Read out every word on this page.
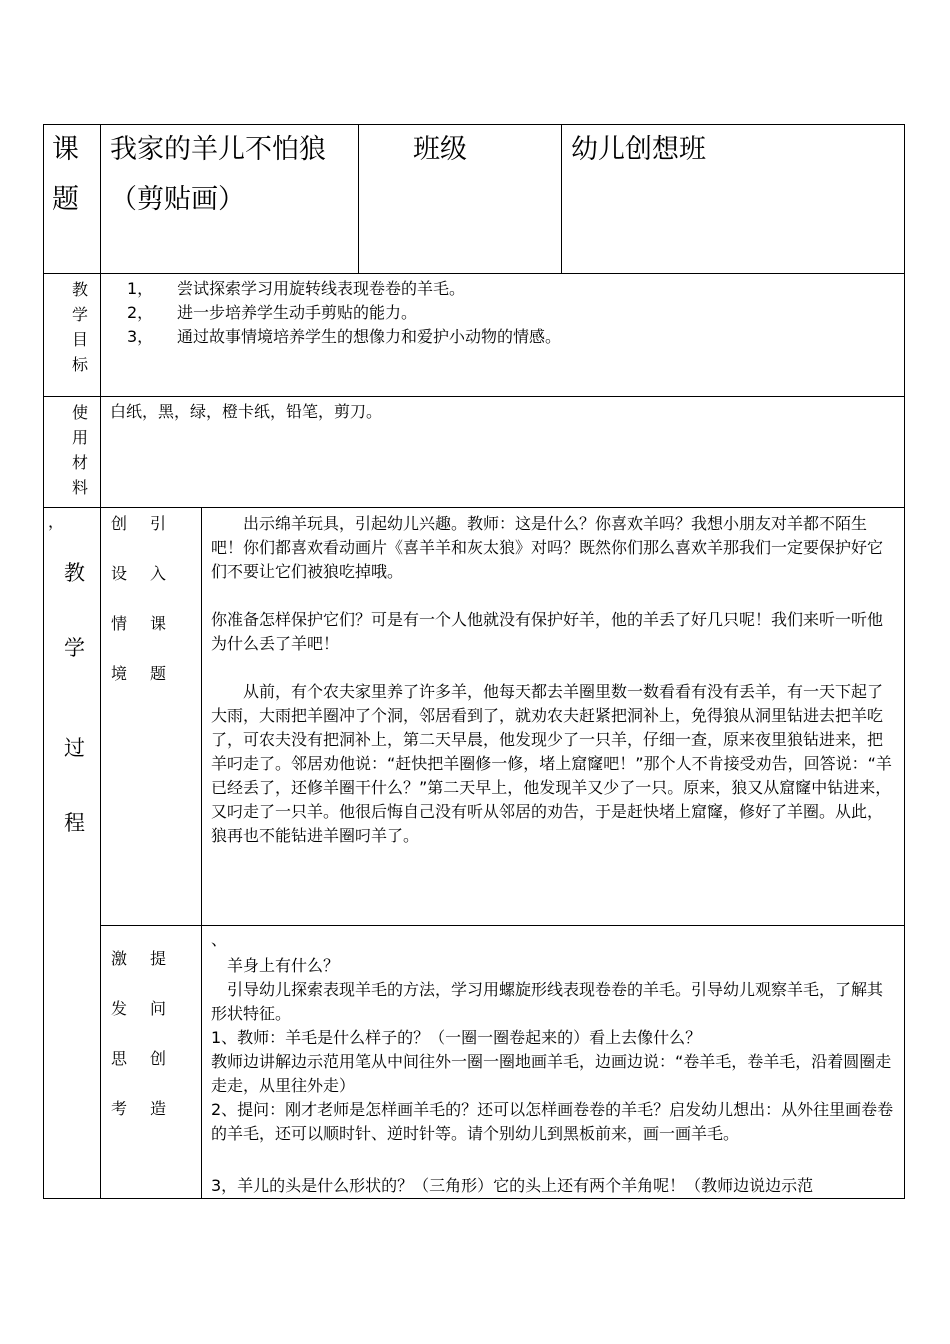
课
题
我家的羊儿不怕狼
（剪贴画）
班级	幼儿创想班
教
学
目
标
1， 尝试探索学习用旋转线表现卷卷的羊毛。
2， 进一步培养学生动手剪贴的能力。
3， 通过故事情境培养学生的想像力和爱护小动物的情感。
使
用
材
料
白纸，黑，绿，橙卡纸，铅笔，剪刀。
，
教
学
过
程
创
设
情
境
引
入
课
题
　　出示绵羊玩具，引起幼儿兴趣。教师：这是什么？你喜欢羊吗？我想小朋友对羊都不陌生吧！你们都喜欢看动画片《喜羊羊和灰太狼》对吗？既然你们那么喜欢羊那我们一定要保护好它们不要让它们被狼吃掉哦。
你准备怎样保护它们？可是有一个人他就没有保护好羊，他的羊丢了好几只呢！我们来听一听他为什么丢了羊吧！
　　从前，有个农夫家里养了许多羊，他每天都去羊圈里数一数看看有没有丢羊，有一天下起了大雨，大雨把羊圈冲了个洞，邻居看到了，就劝农夫赶紧把洞补上，免得狼从洞里钻进去把羊吃了，可农夫没有把洞补上，第二天早晨，他发现少了一只羊，仔细一查，原来夜里狼钻进来，把羊叼走了。邻居劝他说：“赶快把羊圈修一修，堵上窟窿吧！”那个人不肯接受劝告，回答说：“羊已经丢了，还修羊圈干什么？”第二天早上，他发现羊又少了一只。原来，狼又从窟窿中钻进来，又叼走了一只羊。他很后悔自己没有听从邻居的劝告，于是赶快堵上窟窿，修好了羊圈。从此，狼再也不能钻进羊圈叼羊了。
激
发
思
考
提
问
创
造
、
　羊身上有什么？
　引导幼儿探索表现羊毛的方法，学习用螺旋形线表现卷卷的羊毛。引导幼儿观察羊毛，了解其形状特征。
1、教师：羊毛是什么样子的？（一圈一圈卷起来的）看上去像什么？
教师边讲解边示范用笔从中间往外一圈一圈地画羊毛，边画边说：“卷羊毛，卷羊毛，沿着圆圈走走走，从里往外走）
2、提问：刚才老师是怎样画羊毛的？还可以怎样画卷卷的羊毛？启发幼儿想出：从外往里画卷卷的羊毛，还可以顺时针、逆时针等。请个别幼儿到黑板前来，画一画羊毛。
3，羊儿的头是什么形状的？（三角形）它的头上还有两个羊角呢！（教师边说边示范
